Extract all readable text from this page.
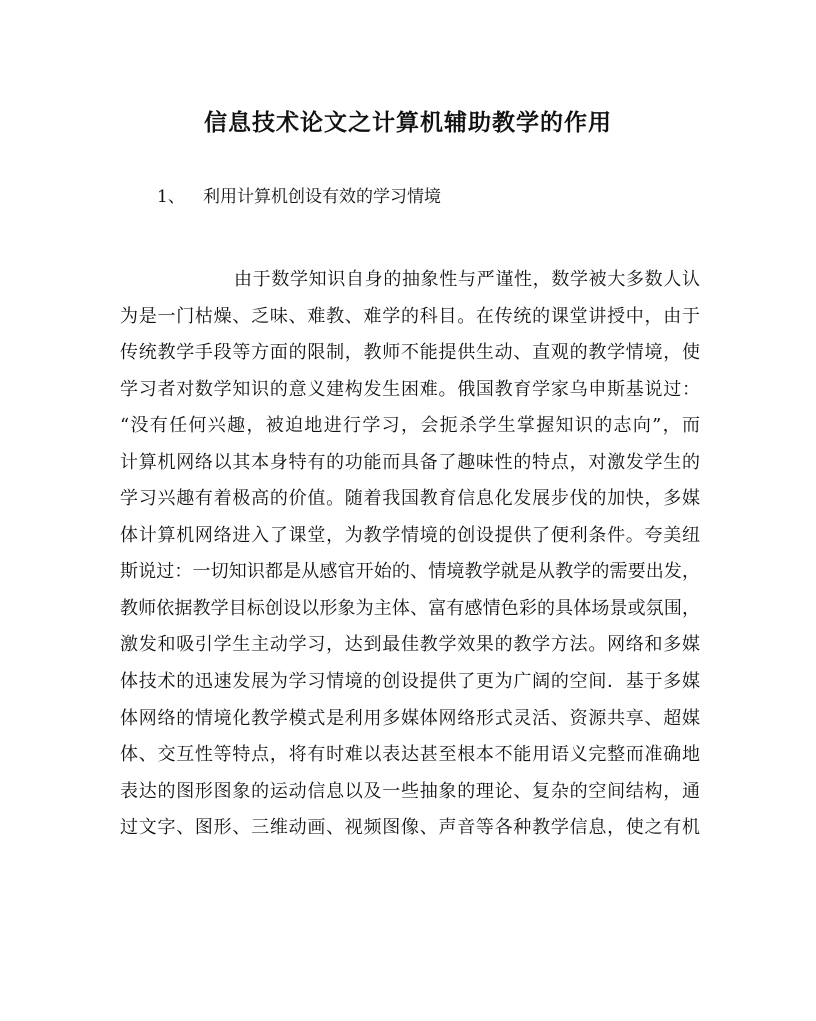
信息技术论文之计算机辅助教学的作用
1、 利用计算机创设有效的学习情境
由于数学知识自身的抽象性与严谨性，数学被大多数人认
为是一门枯燥、乏味、难教、难学的科目。在传统的课堂讲授中，由于
传统教学手段等方面的限制，教师不能提供生动、直观的教学情境，使
学习者对数学知识的意义建构发生困难。俄国教育学家乌申斯基说过：
“没有任何兴趣，被迫地进行学习，会扼杀学生掌握知识的志向”，而
计算机网络以其本身特有的功能而具备了趣味性的特点，对激发学生的
学习兴趣有着极高的价值。随着我国教育信息化发展步伐的加快，多媒
体计算机网络进入了课堂，为教学情境的创设提供了便利条件。夸美纽
斯说过：一切知识都是从感官开始的、情境教学就是从教学的需要出发，
教师依据教学目标创设以形象为主体、富有感情色彩的具体场景或氛围，
激发和吸引学生主动学习，达到最佳教学效果的教学方法。网络和多媒
体技术的迅速发展为学习情境的创设提供了更为广阔的空间．基于多媒
体网络的情境化教学模式是利用多媒体网络形式灵活、资源共享、超媒
体、交互性等特点，将有时难以表达甚至根本不能用语义完整而准确地
表达的图形图象的运动信息以及一些抽象的理论、复杂的空间结构，通
过文字、图形、三维动画、视频图像、声音等各种教学信息，使之有机
